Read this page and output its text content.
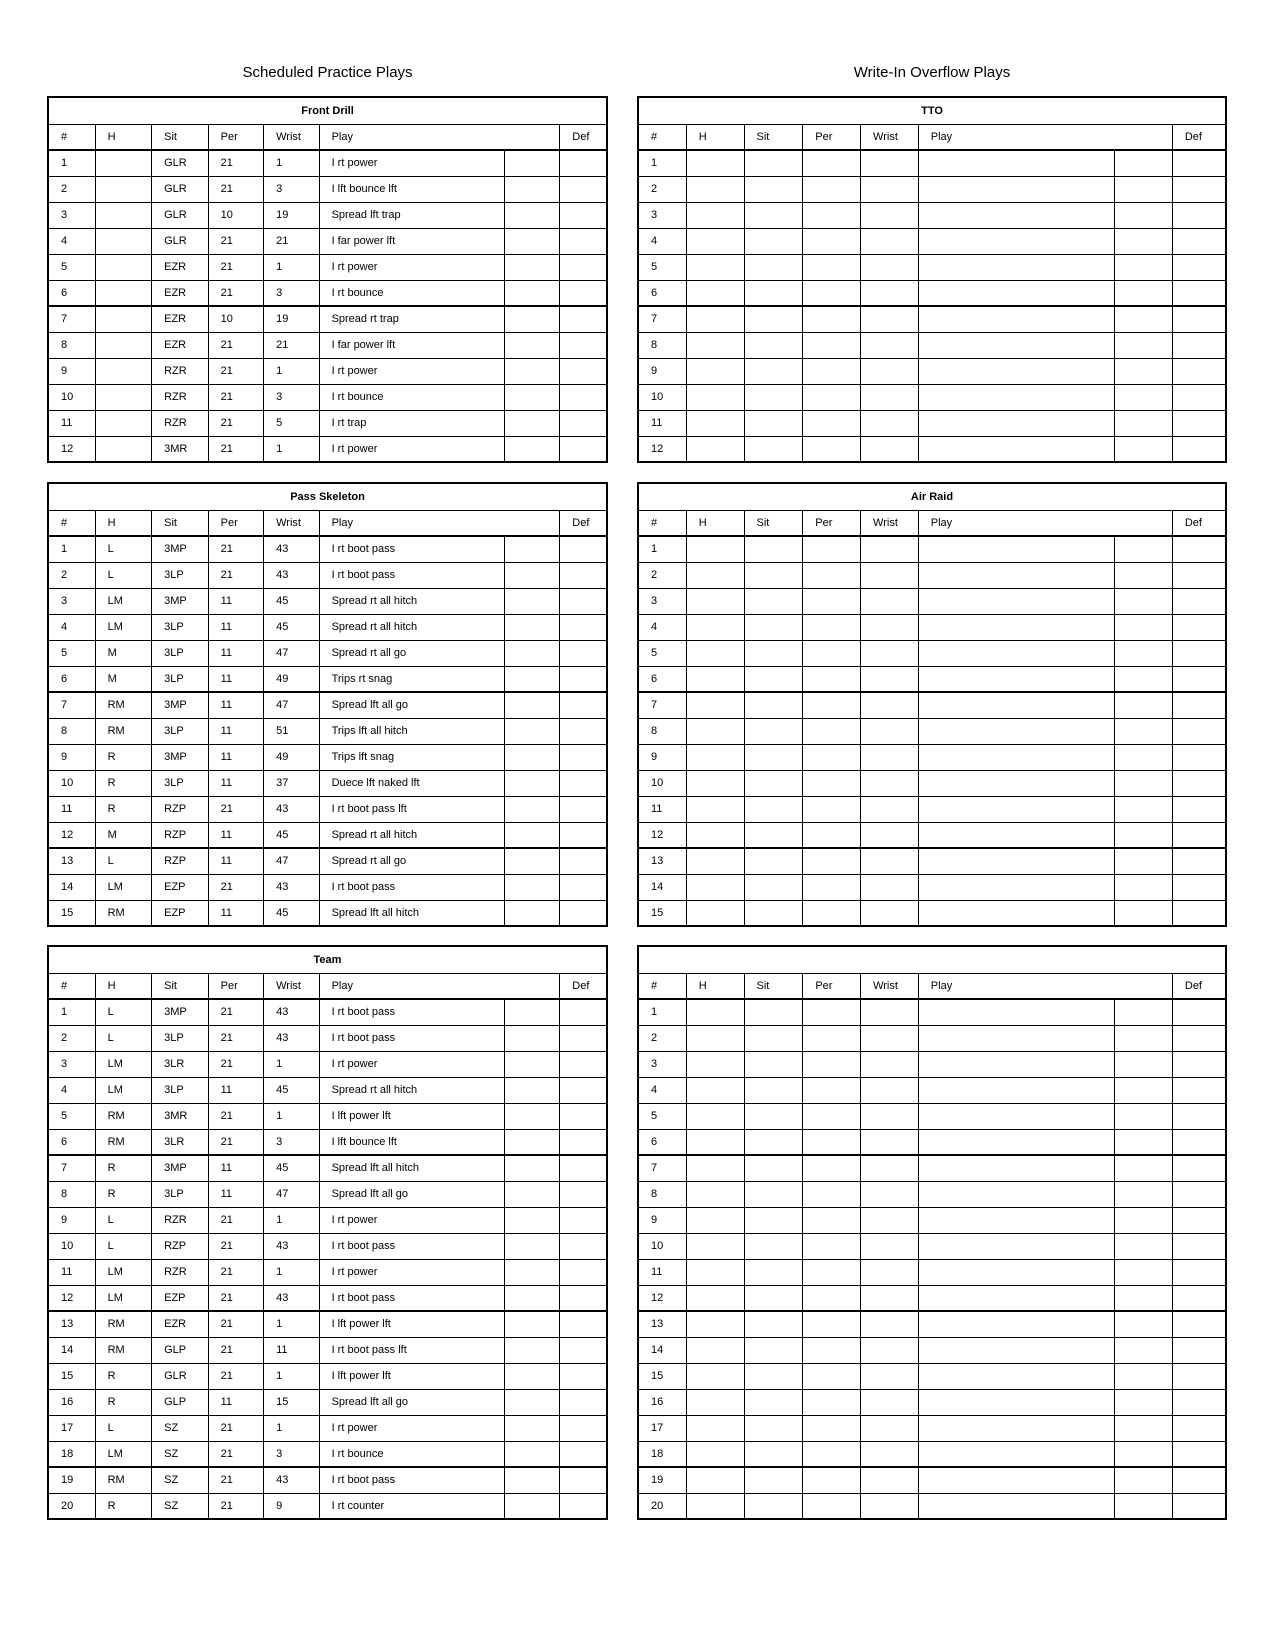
Scheduled Practice Plays
Front Drill							
#	H	Sit	Per	Wrist	Play		Def
1		GLR	21	1	I rt power		
2		GLR	21	3	I lft bounce lft		
3		GLR	10	19	Spread lft trap		
4		GLR	21	21	I far power lft		
5		EZR	21	1	I rt power		
6		EZR	21	3	I rt bounce		
7		EZR	10	19	Spread rt trap		
8		EZR	21	21	I far power lft		
9		RZR	21	1	I rt power		
10		RZR	21	3	I rt bounce		
11		RZR	21	5	I rt trap		
12		3MR	21	1	I rt power		
Pass Skeleton							
#	H	Sit	Per	Wrist	Play		Def
1	L	3MP	21	43	I rt boot pass		
2	L	3LP	21	43	I rt boot pass		
3	LM	3MP	11	45	Spread rt all hitch		
4	LM	3LP	11	45	Spread rt all hitch		
5	M	3LP	11	47	Spread rt all go		
6	M	3LP	11	49	Trips rt snag		
7	RM	3MP	11	47	Spread lft all go		
8	RM	3LP	11	51	Trips lft all hitch		
9	R	3MP	11	49	Trips lft snag		
10	R	3LP	11	37	Duece lft naked lft		
11	R	RZP	21	43	I rt boot pass lft		
12	M	RZP	11	45	Spread rt all hitch		
13	L	RZP	11	47	Spread rt all go		
14	LM	EZP	21	43	I rt boot pass		
15	RM	EZP	11	45	Spread lft all hitch		
Team							
#	H	Sit	Per	Wrist	Play		Def
1	L	3MP	21	43	I rt boot pass		
2	L	3LP	21	43	I rt boot pass		
3	LM	3LR	21	1	I rt power		
4	LM	3LP	11	45	Spread rt all hitch		
5	RM	3MR	21	1	I lft power lft		
6	RM	3LR	21	3	I lft bounce lft		
7	R	3MP	11	45	Spread lft all hitch		
8	R	3LP	11	47	Spread lft all go		
9	L	RZR	21	1	I rt power		
10	L	RZP	21	43	I rt boot pass		
11	LM	RZR	21	1	I rt power		
12	LM	EZP	21	43	I rt boot pass		
13	RM	EZR	21	1	I lft power lft		
14	RM	GLP	21	11	I rt boot pass lft		
15	R	GLR	21	1	I lft power lft		
16	R	GLP	11	15	Spread lft all go		
17	L	SZ	21	1	I rt power		
18	LM	SZ	21	3	I rt bounce		
19	RM	SZ	21	43	I rt boot pass		
20	R	SZ	21	9	I rt counter		
Write-In Overflow Plays
TTO							
#	H	Sit	Per	Wrist	Play		Def
1							
2							
3							
4							
5							
6							
7							
8							
9							
10							
11							
12							
Air Raid							
#	H	Sit	Per	Wrist	Play		Def
1							
2							
3							
4							
5							
6							
7							
8							
9							
10							
11							
12							
13							
14							
15							

#	H	Sit	Per	Wrist	Play		Def
1							
2							
3							
4							
5							
6							
7							
8							
9							
10							
11							
12							
13							
14							
15							
16							
17							
18							
19							
20							
